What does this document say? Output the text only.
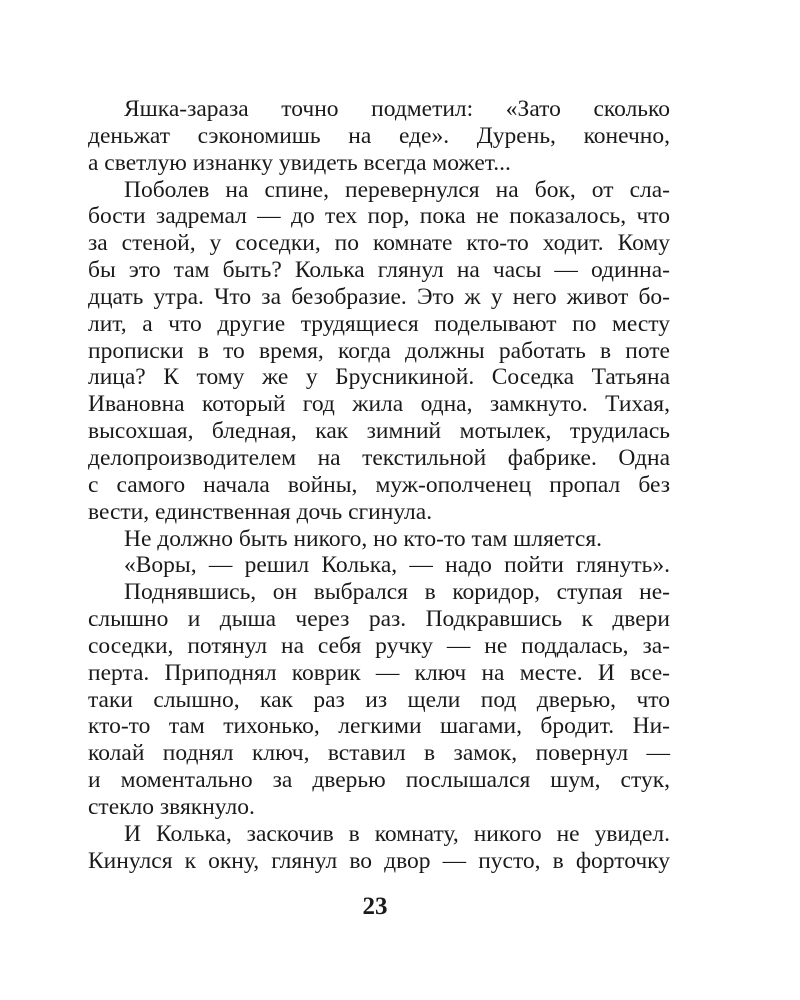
Яшка-зараза точно подметил: «Зато сколько
деньжат сэкономишь на еде». Дурень, конечно,
а светлую изнанку увидеть всегда может...
Поболев на спине, перевернулся на бок, от сла-
бости задремал — до тех пор, пока не показалось, что
за стеной, у соседки, по комнате кто-то ходит. Кому
бы это там быть? Колька глянул на часы — одинна-
дцать утра. Что за безобразие. Это ж у него живот бо-
лит, а что другие трудящиеся поделывают по месту
прописки в то время, когда должны работать в поте
лица? К тому же у Брусникиной. Соседка Татьяна
Ивановна который год жила одна, замкнуто. Тихая,
высохшая, бледная, как зимний мотылек, трудилась
делопроизводителем на текстильной фабрике. Одна
с самого начала войны, муж-ополченец пропал без
вести, единственная дочь сгинула.
Не должно быть никого, но кто-то там шляется.
«Воры, — решил Колька, — надо пойти глянуть».
Поднявшись, он выбрался в коридор, ступая не-
слышно и дыша через раз. Подкравшись к двери
соседки, потянул на себя ручку — не поддалась, за-
перта. Приподнял коврик — ключ на месте. И все-
таки слышно, как раз из щели под дверью, что
кто-то там тихонько, легкими шагами, бродит. Ни-
колай поднял ключ, вставил в замок, повернул —
и моментально за дверью послышался шум, стук,
стекло звякнуло.
И Колька, заскочив в комнату, никого не увидел.
Кинулся к окну, глянул во двор — пусто, в форточку
23
